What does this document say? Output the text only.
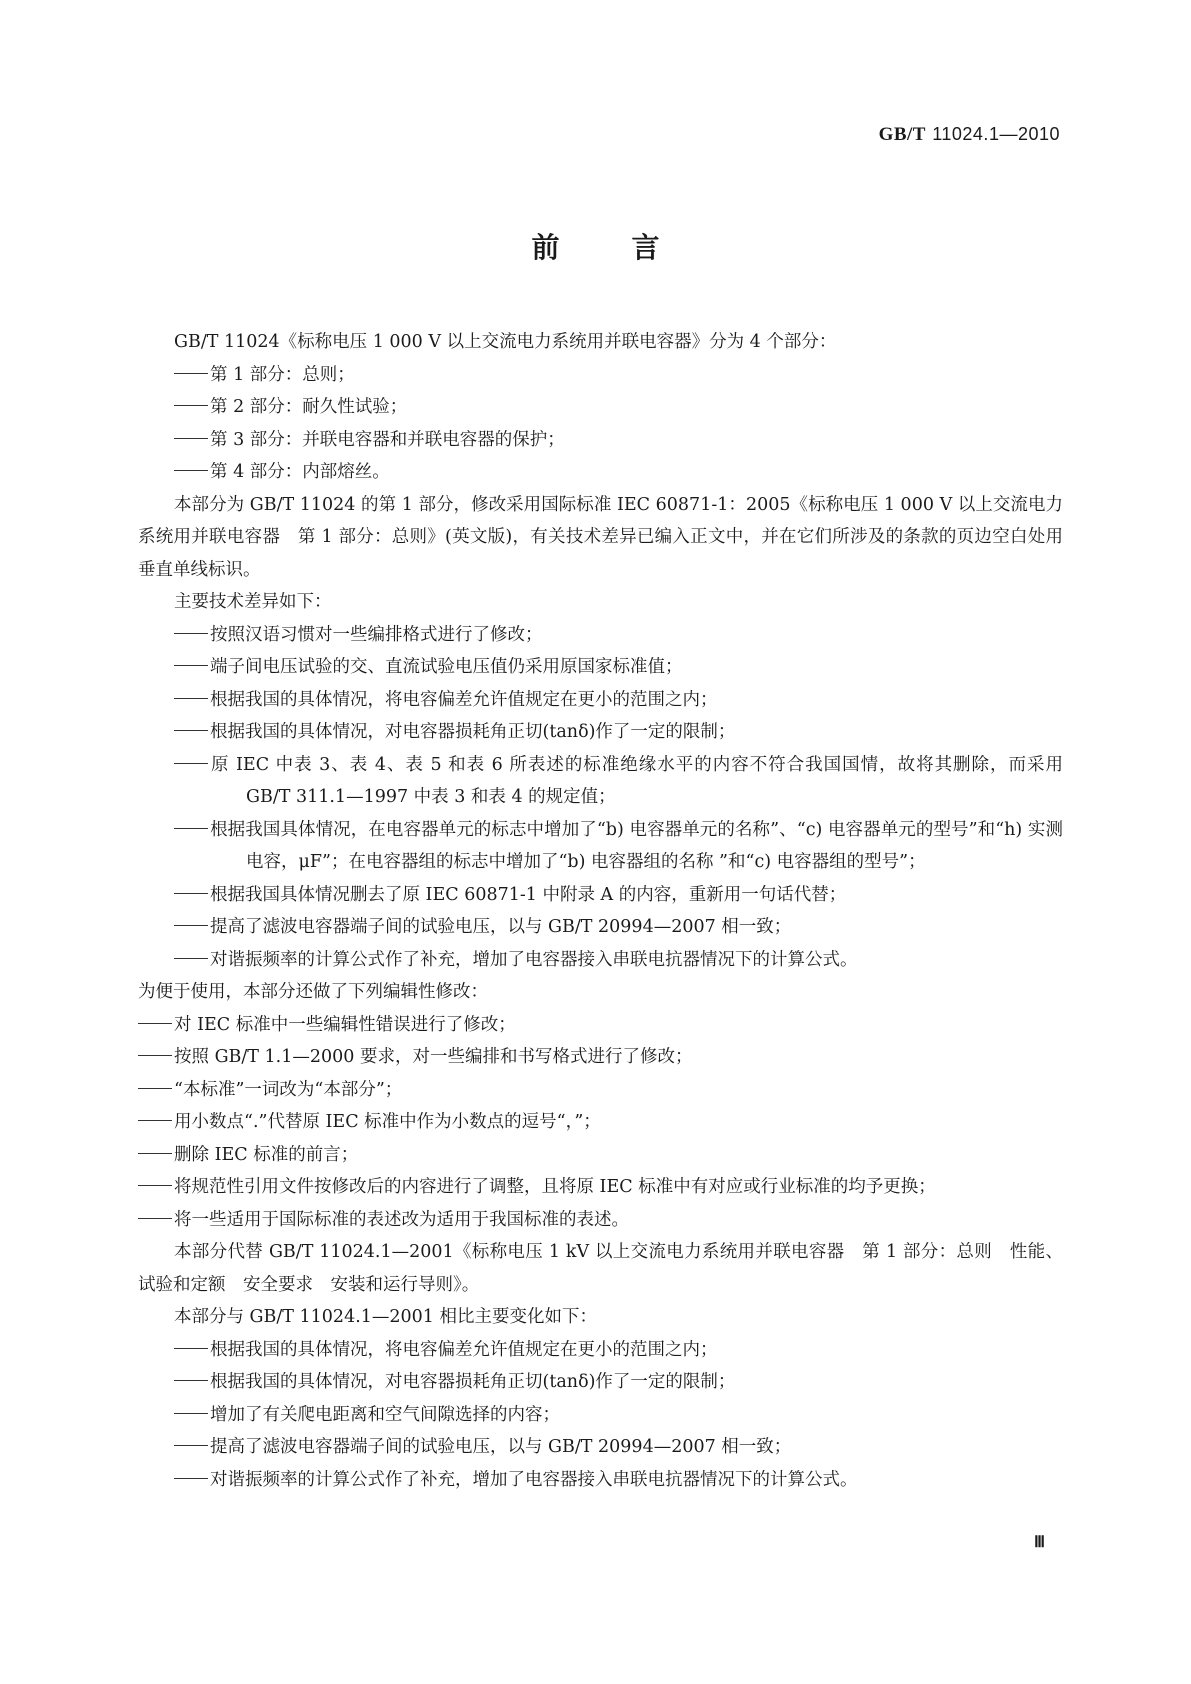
GB/T 11024.1—2010
前言

GB/T 11024《标称电压 1 000 V 以上交流电力系统用并联电容器》分为 4 个部分：

第 1 部分：总则；

第 2 部分：耐久性试验；

第 3 部分：并联电容器和并联电容器的保护；

第 4 部分：内部熔丝。

本部分为 GB/T 11024 的第 1 部分，修改采用国际标准 IEC 60871-1：2005《标称电压 1 000 V 以上交流电力系统用并联电容器　第 1 部分：总则》(英文版)，有关技术差异已编入正文中，并在它们所涉及的条款的页边空白处用垂直单线标识。

主要技术差异如下：

按照汉语习惯对一些编排格式进行了修改；

端子间电压试验的交、直流试验电压值仍采用原国家标准值；

根据我国的具体情况，将电容偏差允许值规定在更小的范围之内；

根据我国的具体情况，对电容器损耗角正切(tanδ)作了一定的限制；

原 IEC 中表 3、表 4、表 5 和表 6 所表述的标准绝缘水平的内容不符合我国国情，故将其删除，而采用 GB/T 311.1—1997 中表 3 和表 4 的规定值；

根据我国具体情况，在电容器单元的标志中增加了“b) 电容器单元的名称”、“c) 电容器单元的型号”和“h) 实测电容，μF”；在电容器组的标志中增加了“b) 电容器组的名称 ”和“c) 电容器组的型号”；

根据我国具体情况删去了原 IEC 60871-1 中附录 A 的内容，重新用一句话代替；

提高了滤波电容器端子间的试验电压，以与 GB/T 20994—2007 相一致；

对谐振频率的计算公式作了补充，增加了电容器接入串联电抗器情况下的计算公式。

为便于使用，本部分还做了下列编辑性修改：

对 IEC 标准中一些编辑性错误进行了修改；

按照 GB/T 1.1—2000 要求，对一些编排和书写格式进行了修改；

“本标准”一词改为“本部分”；

用小数点“.”代替原 IEC 标准中作为小数点的逗号“，”；

删除 IEC 标准的前言；

将规范性引用文件按修改后的内容进行了调整，且将原 IEC 标准中有对应或行业标准的均予更换；

将一些适用于国际标准的表述改为适用于我国标准的表述。

本部分代替 GB/T 11024.1—2001《标称电压 1 kV 以上交流电力系统用并联电容器　第 1 部分：总则　性能、试验和定额　安全要求　安装和运行导则》。

本部分与 GB/T 11024.1—2001 相比主要变化如下：

根据我国的具体情况，将电容偏差允许值规定在更小的范围之内；

根据我国的具体情况，对电容器损耗角正切(tanδ)作了一定的限制；

增加了有关爬电距离和空气间隙选择的内容；

提高了滤波电容器端子间的试验电压，以与 GB/T 20994—2007 相一致；

对谐振频率的计算公式作了补充，增加了电容器接入串联电抗器情况下的计算公式。

Ⅲ
